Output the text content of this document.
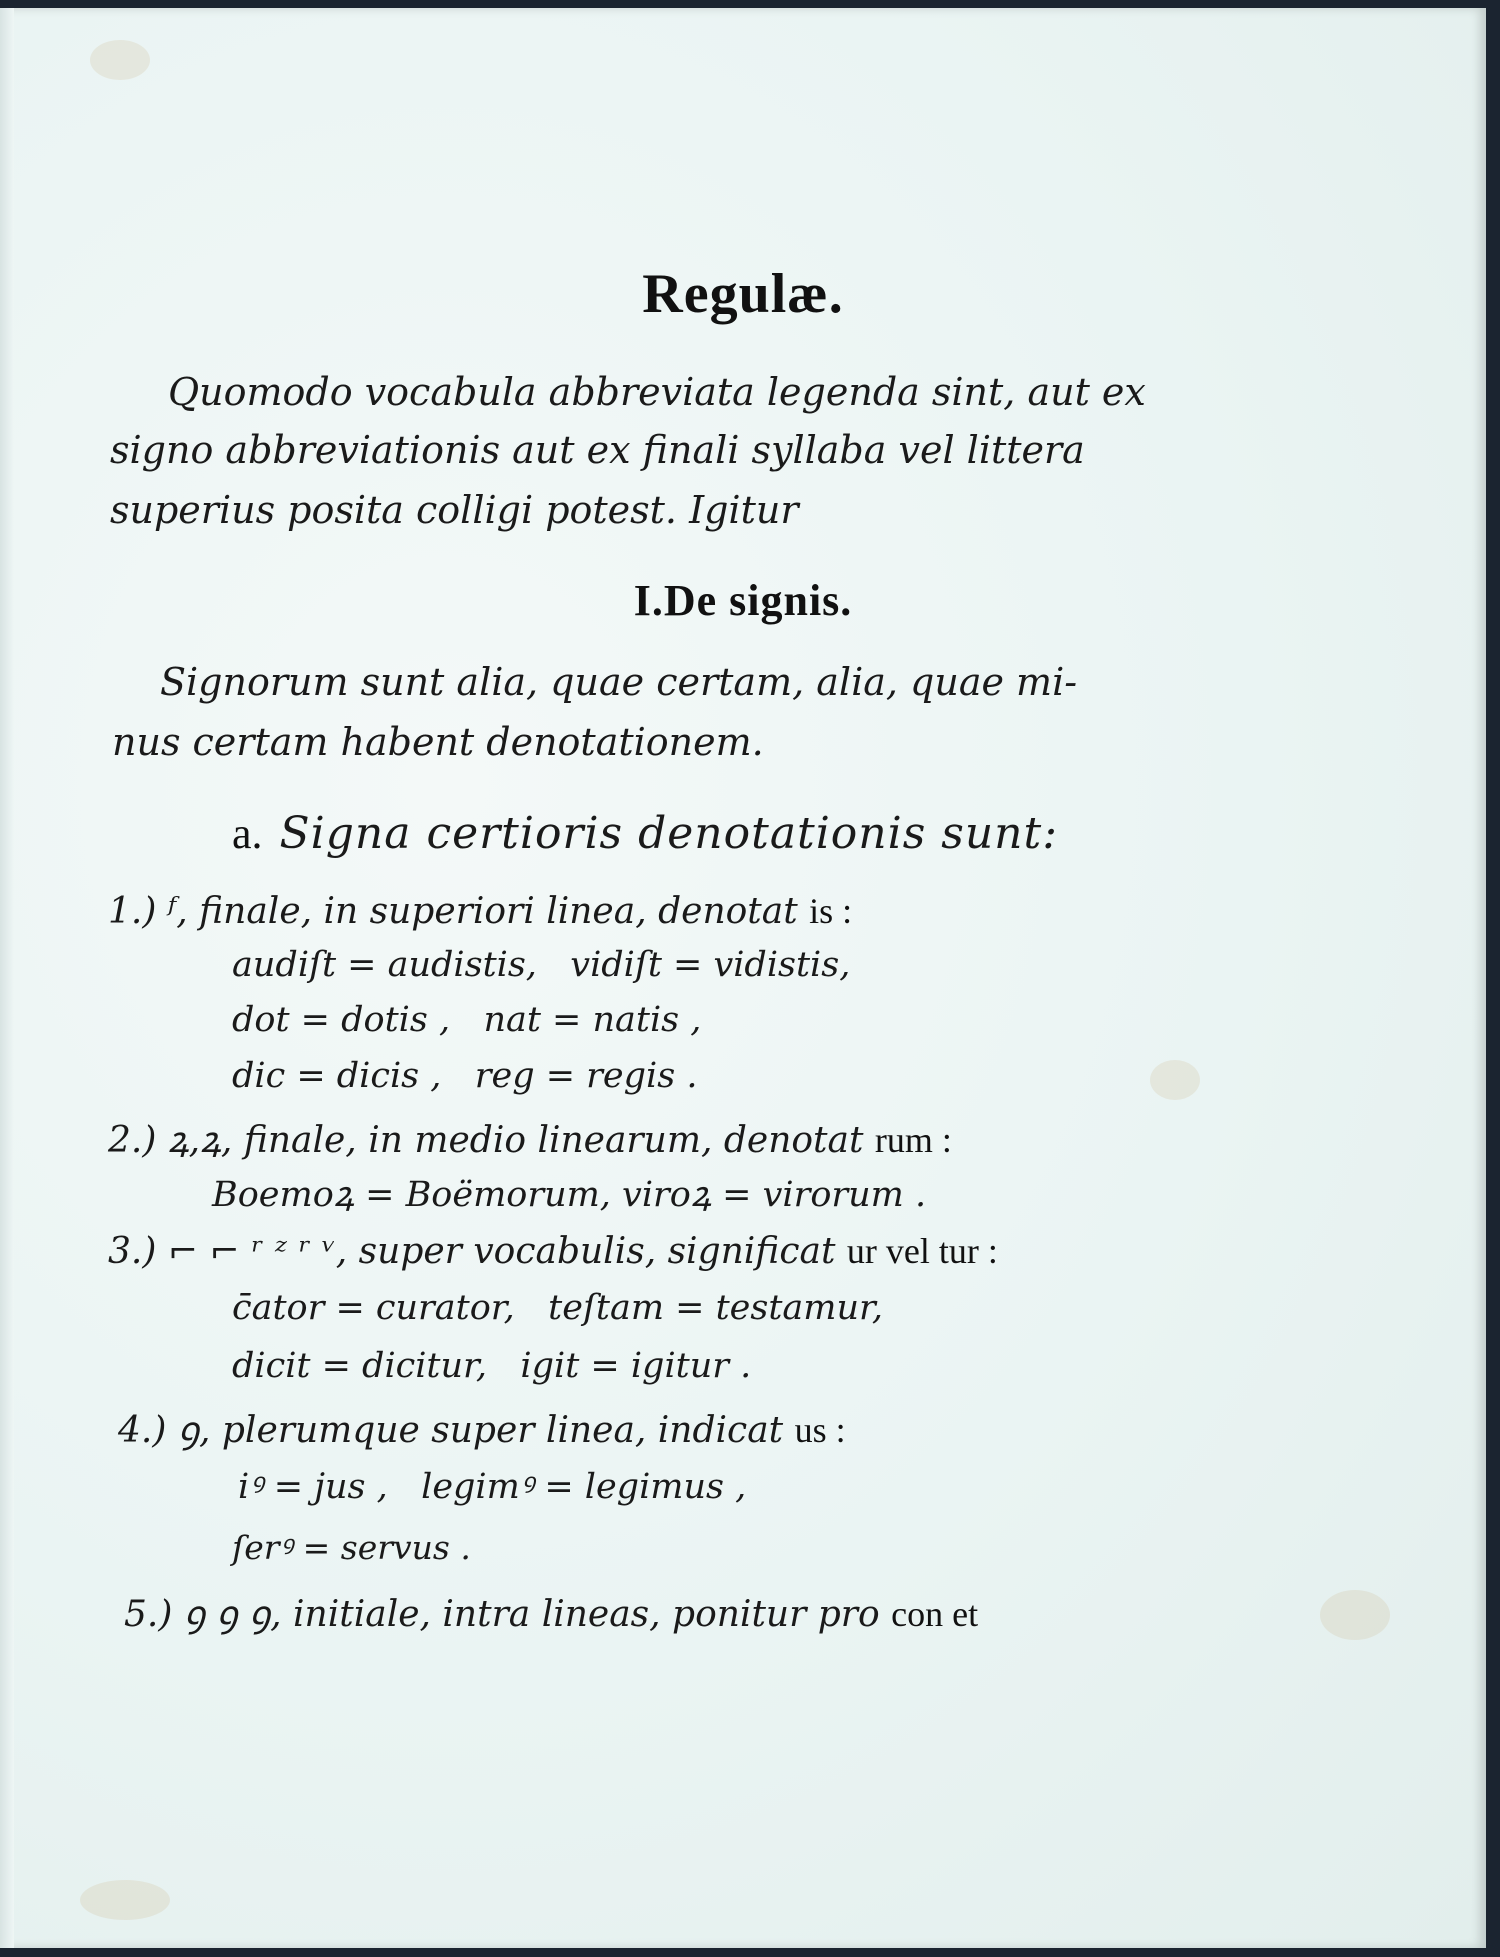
Regulæ.
Quomodo vocabula abbreviata legenda sint, aut ex
signo abbreviationis aut ex finali syllaba vel littera
superius posita colligi potest. Igitur
I.De signis.
Signorum sunt alia, quae certam, alia, quae mi-
nus certam habent denotationem.
a. Signa certioris denotationis sunt:
1.) ᶠ, finale, in superiori linea, denotat is :
audiſt = audistis,   vidiſt = vidistis,
dot = dotis ,   nat = natis ,
dic = dicis ,   reg = regis .
2.) ꝝ,ꝝ, finale, in medio linearum, denotat rum :
Boemoꝝ = Boëmorum, viroꝝ = virorum .
3.) ⌐ ⌐ ʳ ᶻ ʳ ᵛ, super vocabulis, significat ur vel tur :
c̄ator = curator,   teſtam = testamur,
dicit = dicitur,   igit = igitur .
4.) ꝯ, plerumque super linea, indicat us :
iꝰ = jus ,   legimꝰ = legimus ,
ſerꝰ = servus .
5.) ꝯ ꝯ ꝯ, initiale, intra lineas, ponitur pro con et
